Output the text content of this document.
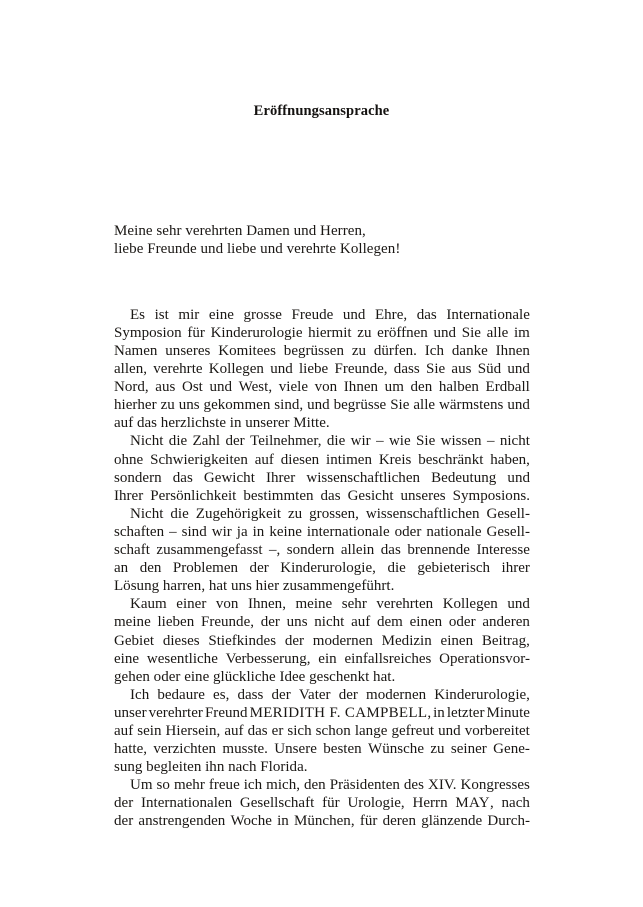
Eröffnungsansprache
Meine sehr verehrten Damen und Herren,
liebe Freunde und liebe und verehrte Kollegen!
Es ist mir eine grosse Freude und Ehre, das Internationale
Symposion für Kinderurologie hiermit zu eröffnen und Sie alle im
Namen unseres Komitees begrüssen zu dürfen. Ich danke Ihnen
allen, verehrte Kollegen und liebe Freunde, dass Sie aus Süd und
Nord, aus Ost und West, viele von Ihnen um den halben Erdball
hierher zu uns gekommen sind, und begrüsse Sie alle wärmstens und
auf das herzlichste in unserer Mitte.
Nicht die Zahl der Teilnehmer, die wir – wie Sie wissen – nicht
ohne Schwierigkeiten auf diesen intimen Kreis beschränkt haben,
sondern das Gewicht Ihrer wissenschaftlichen Bedeutung und
Ihrer Persönlichkeit bestimmten das Gesicht unseres Symposions.
Nicht die Zugehörigkeit zu grossen, wissenschaftlichen Gesell-
schaften – sind wir ja in keine internationale oder nationale Gesell-
schaft zusammengefasst –, sondern allein das brennende Interesse
an den Problemen der Kinderurologie, die gebieterisch ihrer
Lösung harren, hat uns hier zusammengeführt.
Kaum einer von Ihnen, meine sehr verehrten Kollegen und
meine lieben Freunde, der uns nicht auf dem einen oder anderen
Gebiet dieses Stiefkindes der modernen Medizin einen Beitrag,
eine wesentliche Verbesserung, ein einfallsreiches Operationsvor-
gehen oder eine glückliche Idee geschenkt hat.
Ich bedaure es, dass der Vater der modernen Kinderurologie,
unser verehrter Freund MERIDITH F. CAMPBELL, in letzter Minute
auf sein Hiersein, auf das er sich schon lange gefreut und vorbereitet
hatte, verzichten musste. Unsere besten Wünsche zu seiner Gene-
sung begleiten ihn nach Florida.
Um so mehr freue ich mich, den Präsidenten des XIV. Kongresses
der Internationalen Gesellschaft für Urologie, Herrn MAY, nach
der anstrengenden Woche in München, für deren glänzende Durch-
